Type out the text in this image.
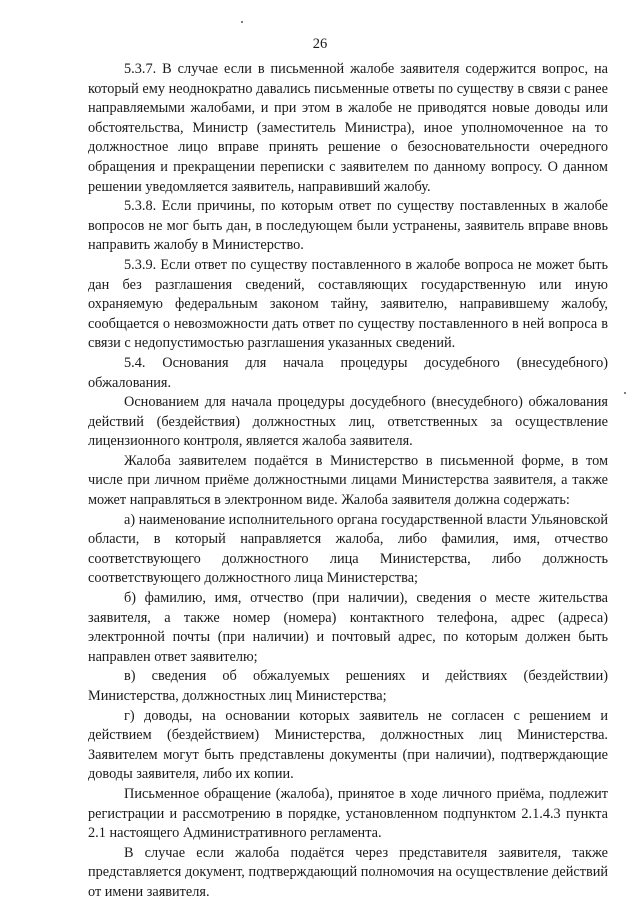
26

5.3.7. В случае если в письменной жалобе заявителя содержится вопрос, на который ему неоднократно давались письменные ответы по существу в связи с ранее направляемыми жалобами, и при этом в жалобе не приводятся новые доводы или обстоятельства, Министр (заместитель Министра), иное уполномоченное на то должностное лицо вправе принять решение о безосновательности очередного обращения и прекращении переписки с заявителем по данному вопросу. О данном решении уведомляется заявитель, направивший жалобу.

5.3.8. Если причины, по которым ответ по существу поставленных в жалобе вопросов не мог быть дан, в последующем были устранены, заявитель вправе вновь направить жалобу в Министерство.

5.3.9. Если ответ по существу поставленного в жалобе вопроса не может быть дан без разглашения сведений, составляющих государственную или иную охраняемую федеральным законом тайну, заявителю, направившему жалобу, сообщается о невозможности дать ответ по существу поставленного в ней вопроса в связи с недопустимостью разглашения указанных сведений.

5.4. Основания для начала процедуры досудебного (внесудебного) обжалования.

Основанием для начала процедуры досудебного (внесудебного) обжалования действий (бездействия) должностных лиц, ответственных за осуществление лицензионного контроля, является жалоба заявителя.

Жалоба заявителем подаётся в Министерство в письменной форме, в том числе при личном приёме должностными лицами Министерства заявителя, а также может направляться в электронном виде. Жалоба заявителя должна содержать:

а) наименование исполнительного органа государственной власти Ульяновской области, в который направляется жалоба, либо фамилия, имя, отчество соответствующего должностного лица Министерства, либо должность соответствующего должностного лица Министерства;

б) фамилию, имя, отчество (при наличии), сведения о месте жительства заявителя, а также номер (номера) контактного телефона, адрес (адреса) электронной почты (при наличии) и почтовый адрес, по которым должен быть направлен ответ заявителю;

в) сведения об обжалуемых решениях и действиях (бездействии) Министерства, должностных лиц Министерства;

г) доводы, на основании которых заявитель не согласен с решением и действием (бездействием) Министерства, должностных лиц Министерства. Заявителем могут быть представлены документы (при наличии), подтверждающие доводы заявителя, либо их копии.

Письменное обращение (жалоба), принятое в ходе личного приёма, подлежит регистрации и рассмотрению в порядке, установленном подпунктом 2.1.4.3 пункта 2.1 настоящего Административного регламента.

В случае если жалоба подаётся через представителя заявителя, также представляется документ, подтверждающий полномочия на осуществление действий от имени заявителя.
